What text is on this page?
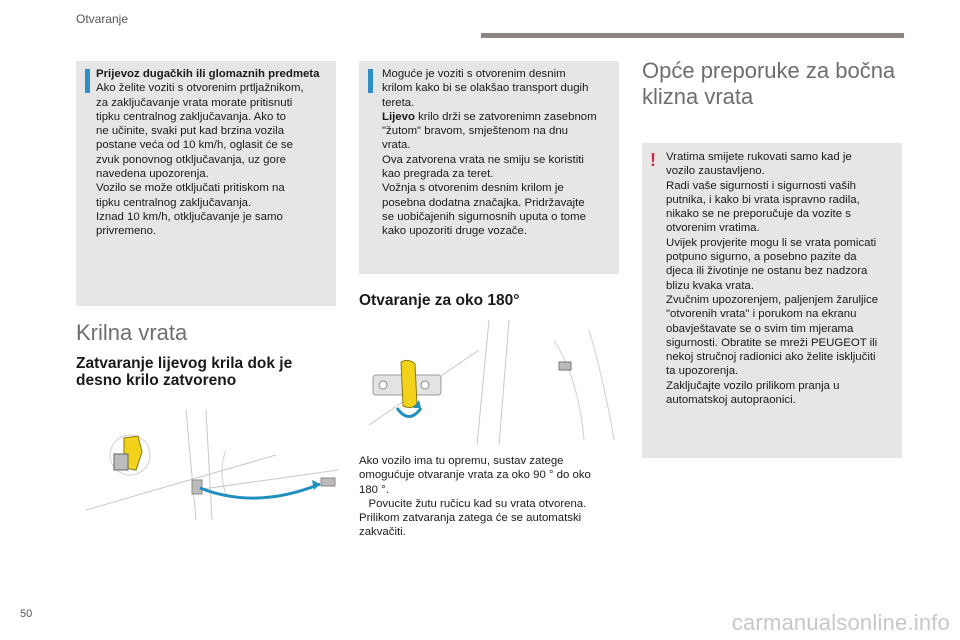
Otvaranje

Prijevoz dugačkih ili glomaznih predmeta

Ako želite voziti s otvorenim prtljažnikom,

za zaključavanje vrata morate pritisnuti

tipku centralnog zaključavanja. Ako to

ne učinite, svaki put kad brzina vozila

postane veća od 10 km/h, oglasit će se

zvuk ponovnog otključavanja, uz gore

navedena upozorenja.

Vozilo se može otključati pritiskom na

tipku centralnog zaključavanja.

Iznad 10 km/h, otključavanje je samo

privremeno.

Krilna vrata
Zatvaranje lijevog krila dok je
desno krilo zatvoreno

Moguće je voziti s otvorenim desnim

krilom kako bi se olakšao transport dugih

tereta.

Lijevo krilo drži se zatvorenimn zasebnom

"žutom" bravom, smještenom na dnu

vrata.

Ova zatvorena vrata ne smiju se koristiti

kao pregrada za teret.

Vožnja s otvorenim desnim krilom je

posebna dodatna značajka. Pridržavajte

se uobičajenih sigurnosnih uputa o tome

kako upozoriti druge vozače.

Otvaranje za oko 180°

Ako vozilo ima tu opremu, sustav zatege

omogućuje otvaranje vrata za oko 90 ° do oko

180 °.

Povucite žutu ručicu kad su vrata otvorena.

Prilikom zatvaranja zatega će se automatski

zakvačiti.

Opće preporuke za bočna
klizna vrata
! Vratima smijete rukovati samo kad je

vozilo zaustavljeno.

Radi vaše sigurnosti i sigurnosti vaših

putnika, i kako bi vrata ispravno radila,

nikako se ne preporučuje da vozite s

otvorenim vratima.

Uvijek provjerite mogu li se vrata pomicati

potpuno sigurno, a posebno pazite da

djeca ili životinje ne ostanu bez nadzora

blizu kvaka vrata.

Zvučnim upozorenjem, paljenjem žaruljice

"otvorenih vrata" i porukom na ekranu

obavještavate se o svim tim mjerama

sigurnosti. Obratite se mreži PEUGEOT ili

nekoj stručnoj radionici ako želite isključiti

ta upozorenja.

Zaključajte vozilo prilikom pranja u

automatskoj autopraonici.

50	carmanualsonline.info
